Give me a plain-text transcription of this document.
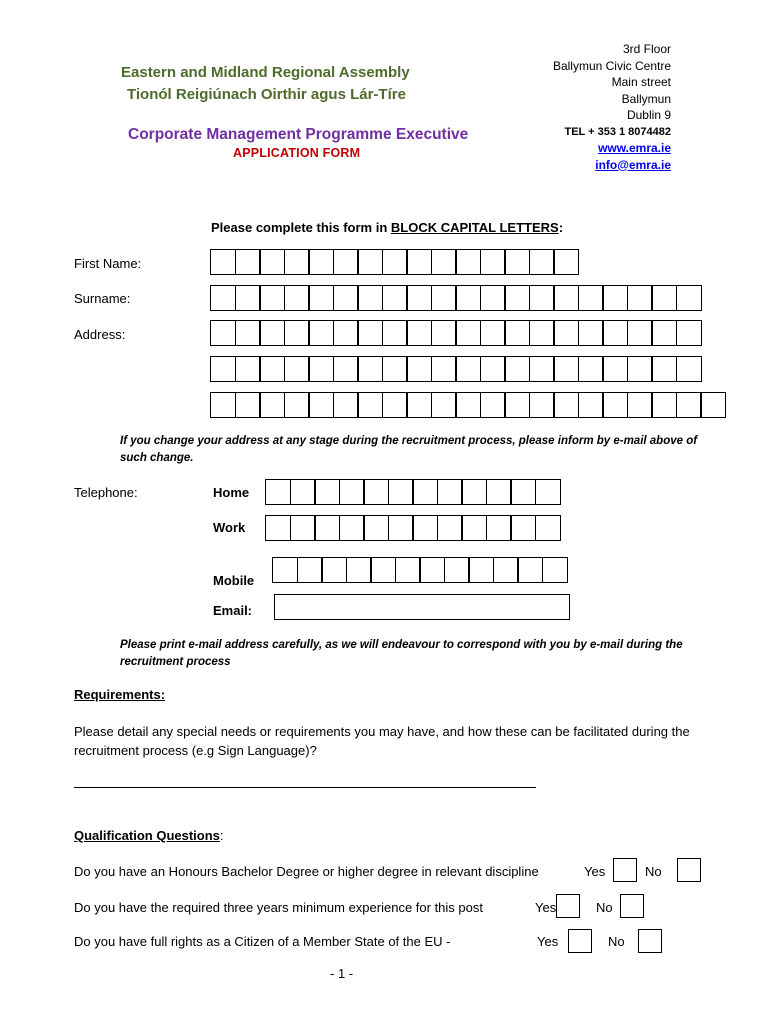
Eastern and Midland Regional Assembly
Tionól Reigiúnach Oirthir agus Lár-Tíre
Corporate Management Programme Executive
APPLICATION FORM
3rd Floor
Ballymun Civic Centre
Main street
Ballymun
Dublin 9
TEL + 353 1 8074482
www.emra.ie
info@emra.ie
Please complete this form in BLOCK CAPITAL LETTERS:
First Name:
Surname:
Address:
If you change your address at any stage during the recruitment process, please inform by e-mail above of such change.
Telephone:	Home
Work
Mobile
Email:
Please print e-mail address carefully, as we will endeavour to correspond with you by e-mail during the recruitment process
Requirements:
Please detail any special needs or requirements you may have, and how these can be facilitated during the recruitment process (e.g Sign Language)?
Qualification Questions:
Do you have an Honours Bachelor Degree or higher degree in relevant discipline	Yes	No
Do you have the required three years minimum experience for this post	Yes	No
Do you have full rights as a Citizen of a Member State of the EU -	Yes	No
- 1 -
